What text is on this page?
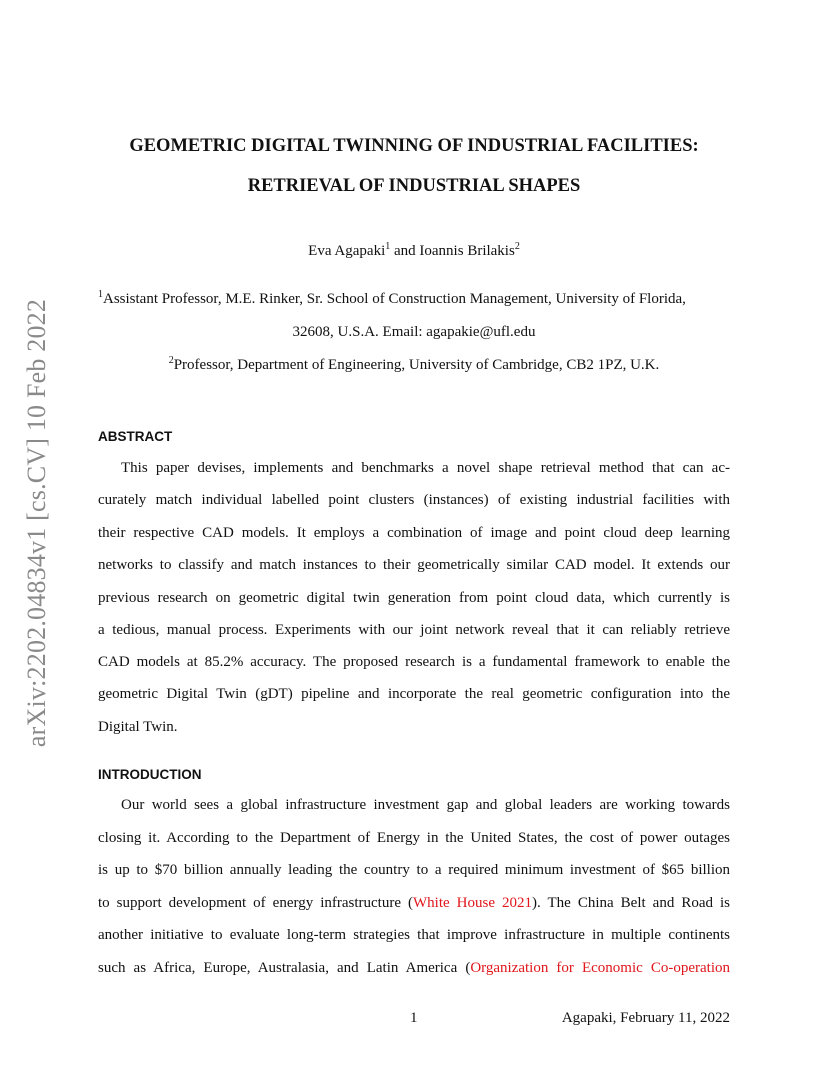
arXiv:2202.04834v1 [cs.CV] 10 Feb 2022
GEOMETRIC DIGITAL TWINNING OF INDUSTRIAL FACILITIES:
RETRIEVAL OF INDUSTRIAL SHAPES
Eva Agapaki$^1$ and Ioannis Brilakis$^2$
$^1$Assistant Professor, M.E. Rinker, Sr. School of Construction Management, University of Florida,
32608, U.S.A. Email: agapakie@ufl.edu
$^2$Professor, Department of Engineering, University of Cambridge, CB2 1PZ, U.K.
ABSTRACT
This paper devises, implements and benchmarks a novel shape retrieval method that can ac-
curately match individual labelled point clusters (instances) of existing industrial facilities with
their respective CAD models. It employs a combination of image and point cloud deep learning
networks to classify and match instances to their geometrically similar CAD model. It extends our
previous research on geometric digital twin generation from point cloud data, which currently is
a tedious, manual process. Experiments with our joint network reveal that it can reliably retrieve
CAD models at 85.2% accuracy. The proposed research is a fundamental framework to enable the
geometric Digital Twin (gDT) pipeline and incorporate the real geometric configuration into the
Digital Twin.
INTRODUCTION
Our world sees a global infrastructure investment gap and global leaders are working towards
closing it. According to the Department of Energy in the United States, the cost of power outages
is up to $70 billion annually leading the country to a required minimum investment of $65 billion
to support development of energy infrastructure (White House 2021). The China Belt and Road is
another initiative to evaluate long-term strategies that improve infrastructure in multiple continents
such as Africa, Europe, Australasia, and Latin America (Organization for Economic Co-operation
1	Agapaki, February 11, 2022
